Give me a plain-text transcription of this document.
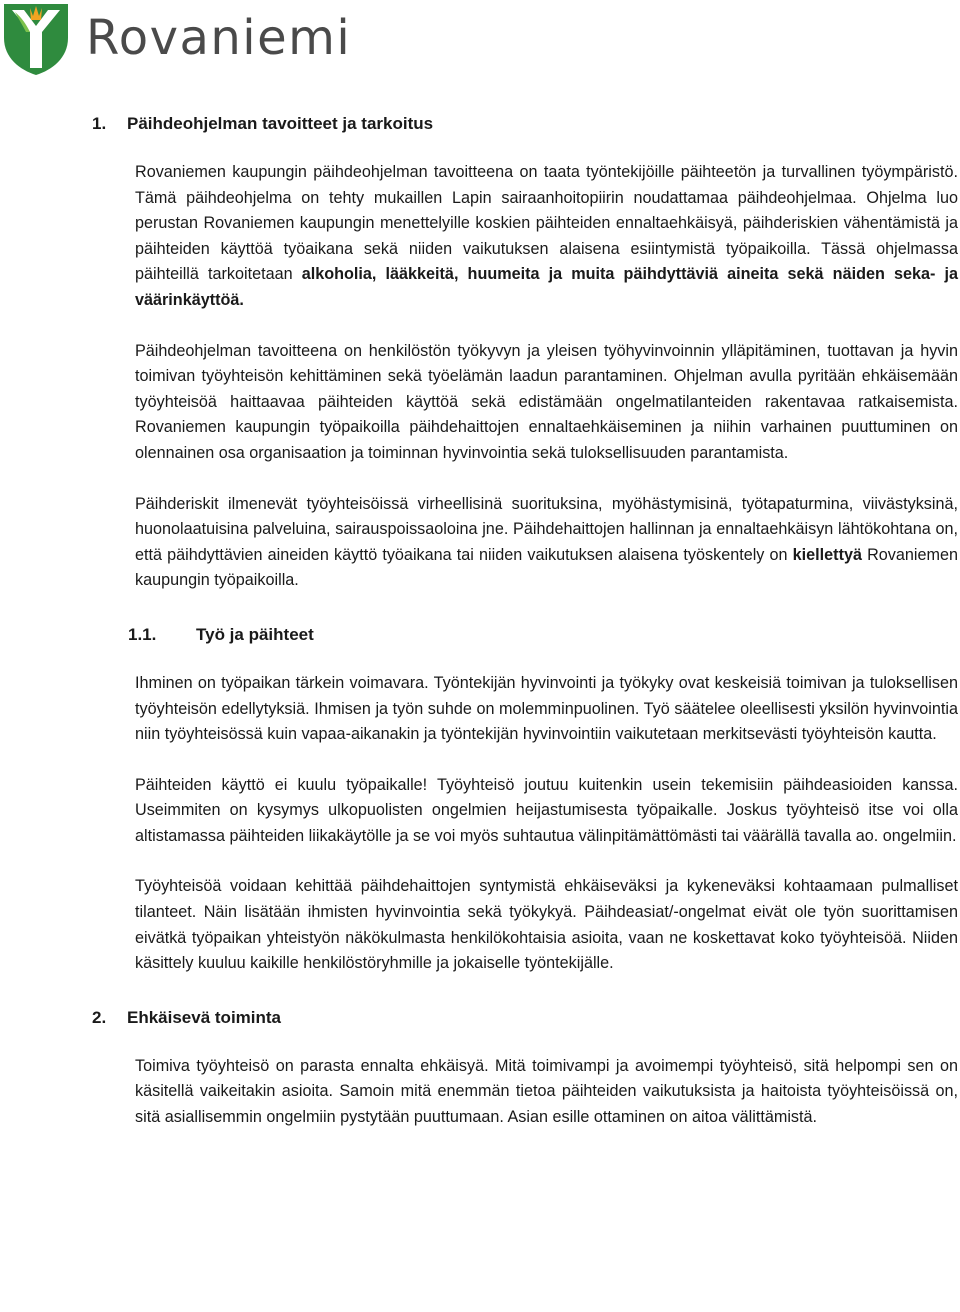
Rovaniemi
1. Päihdeohjelman tavoitteet ja tarkoitus

Rovaniemen kaupungin päihdeohjelman tavoitteena on taata työntekijöille päihteetön ja turvallinen työympäristö. Tämä päihdeohjelma on tehty mukaillen Lapin sairaanhoitopiirin noudattamaa päihdeohjelmaa. Ohjelma luo perustan Rovaniemen kaupungin menettelyille koskien päihteiden ennaltaehkäisyä, päihderiskien vähentämistä ja päihteiden käyttöä työaikana sekä niiden vaikutuksen alaisena esiintymistä työpaikoilla. Tässä ohjelmassa päihteillä tarkoitetaan alkoholia, lääkkeitä, huumeita ja muita päihdyttäviä aineita sekä näiden seka- ja väärinkäyttöä.

Päihdeohjelman tavoitteena on henkilöstön työkyvyn ja yleisen työhyvinvoinnin ylläpitäminen, tuottavan ja hyvin toimivan työyhteisön kehittäminen sekä työelämän laadun parantaminen. Ohjelman avulla pyritään ehkäisemään työyhteisöä haittaavaa päihteiden käyttöä sekä edistämään ongelmatilanteiden rakentavaa ratkaisemista. Rovaniemen kaupungin työpaikoilla päihdehaittojen ennaltaehkäiseminen ja niihin varhainen puuttuminen on olennainen osa organisaation ja toiminnan hyvinvointia sekä tuloksellisuuden parantamista.

Päihderiskit ilmenevät työyhteisöissä virheellisinä suorituksina, myöhästymisinä, työtapaturmina, viivästyksinä, huonolaatuisina palveluina, sairauspoissaoloina jne. Päihdehaittojen hallinnan ja ennaltaehkäisyn lähtökohtana on, että päihdyttävien aineiden käyttö työaikana tai niiden vaikutuksen alaisena työskentely on kiellettyä Rovaniemen kaupungin työpaikoilla.

1.1. Työ ja päihteet

Ihminen on työpaikan tärkein voimavara. Työntekijän hyvinvointi ja työkyky ovat keskeisiä toimivan ja tuloksellisen työyhteisön edellytyksiä. Ihmisen ja työn suhde on molemminpuolinen. Työ säätelee oleellisesti yksilön hyvinvointia niin työyhteisössä kuin vapaa-aikanakin ja työntekijän hyvinvointiin vaikutetaan merkitsevästi työyhteisön kautta.

Päihteiden käyttö ei kuulu työpaikalle! Työyhteisö joutuu kuitenkin usein tekemisiin päihdeasioiden kanssa. Useimmiten on kysymys ulkopuolisten ongelmien heijastumisesta työpaikalle. Joskus työyhteisö itse voi olla altistamassa päihteiden liikakäytölle ja se voi myös suhtautua välinpitämättömästi tai väärällä tavalla ao. ongelmiin.

Työyhteisöä voidaan kehittää päihdehaittojen syntymistä ehkäiseväksi ja kykeneväksi kohtaamaan pulmalliset tilanteet. Näin lisätään ihmisten hyvinvointia sekä työkykyä. Päihdeasiat/-ongelmat eivät ole työn suorittamisen eivätkä työpaikan yhteistyön näkökulmasta henkilökohtaisia asioita, vaan ne koskettavat koko työyhteisöä. Niiden käsittely kuuluu kaikille henkilöstöryhmille ja jokaiselle työntekijälle.

2. Ehkäisevä toiminta

Toimiva työyhteisö on parasta ennalta ehkäisyä. Mitä toimivampi ja avoimempi työyhteisö, sitä helpompi sen on käsitellä vaikeitakin asioita. Samoin mitä enemmän tietoa päihteiden vaikutuksista ja haitoista työyhteisöissä on, sitä asiallisemmin ongelmiin pystytään puuttumaan. Asian esille ottaminen on aitoa välittämistä.
